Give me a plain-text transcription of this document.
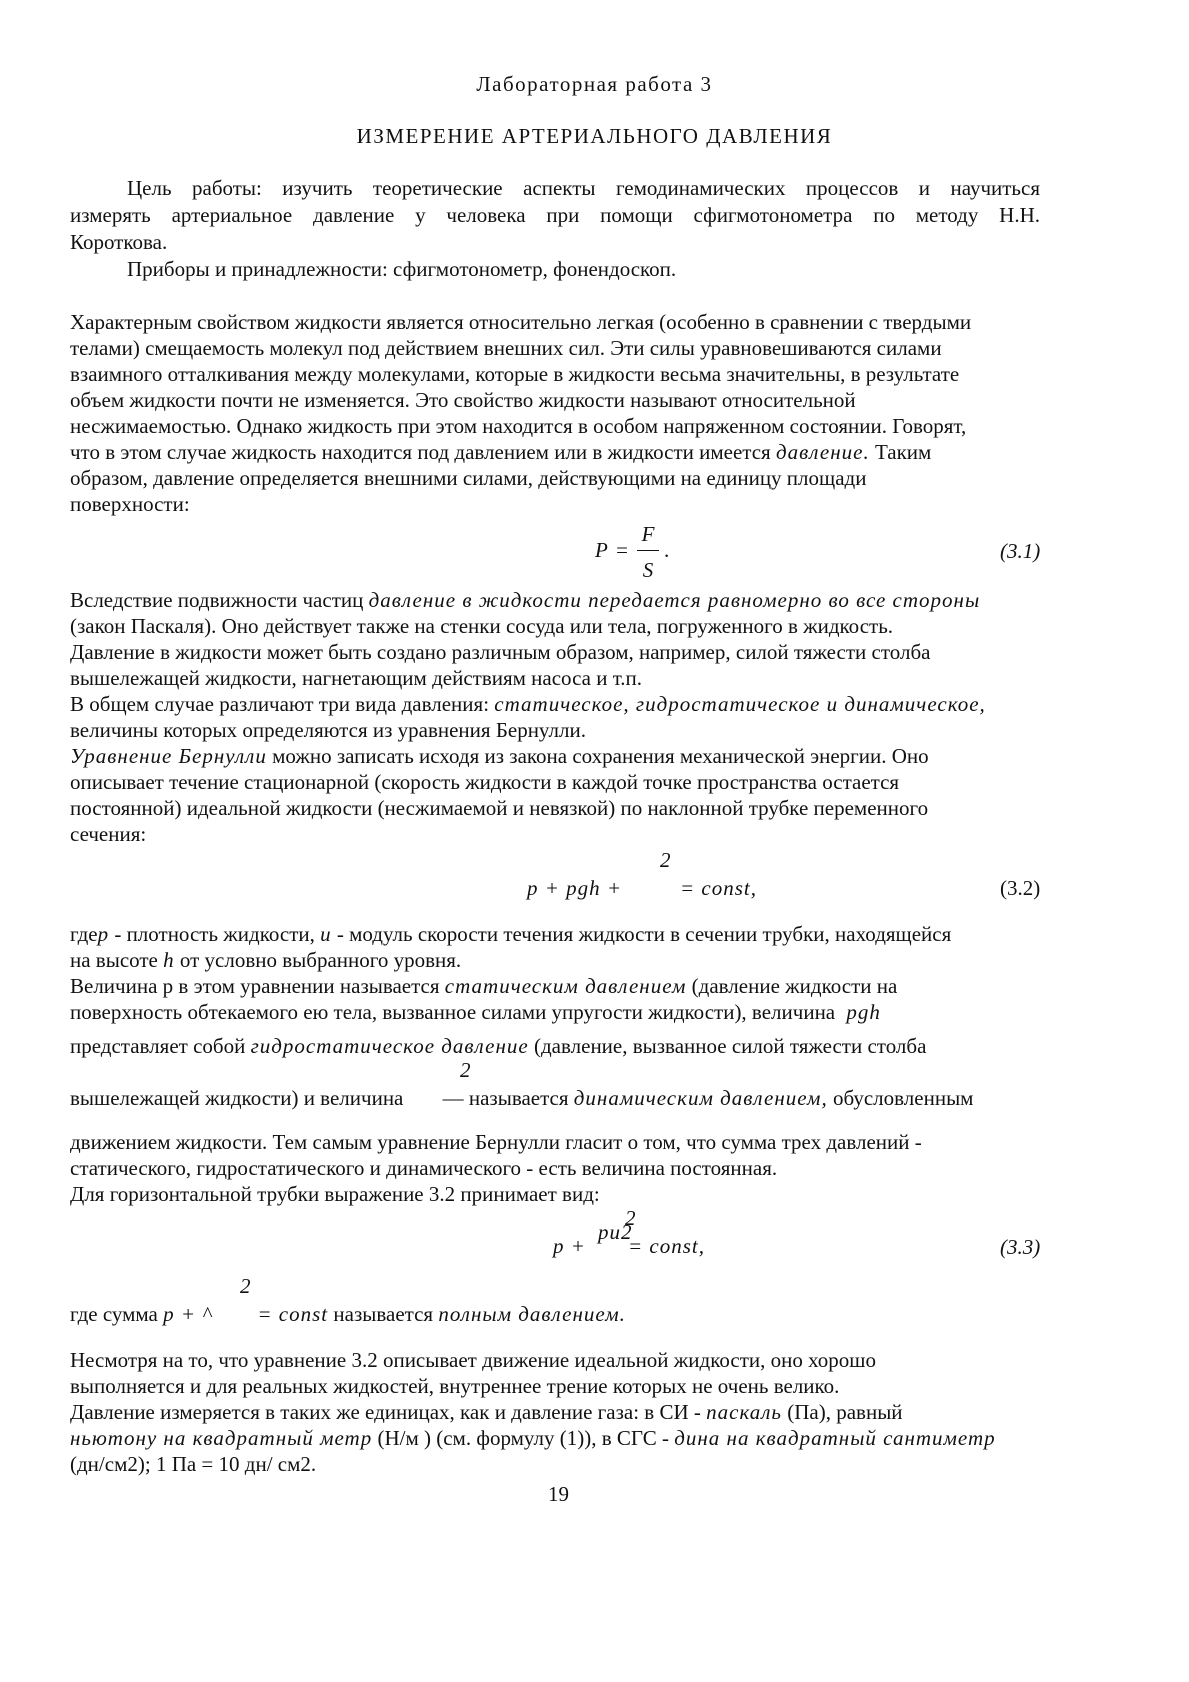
Лабораторная работа 3
ИЗМЕРЕНИЕ АРТЕРИАЛЬНОГО ДАВЛЕНИЯ
Цель работы: изучить теоретические аспекты гемодинамических процессов и научиться
измерять артериальное давление у человека при помощи сфигмотонометра по методу Н.Н.
Короткова.
Приборы и принадлежности: сфигмотонометр, фонендоскоп.
Характерным свойством жидкости является относительно легкая (особенно в сравнении с твердыми
телами) смещаемость молекул под действием внешних сил. Эти силы уравновешиваются силами
взаимного отталкивания между молекулами, которые в жидкости весьма значительны, в результате
объем жидкости почти не изменяется. Это свойство жидкости называют относительной
несжимаемостью. Однако жидкость при этом находится в особом напряженном состоянии. Говорят,
что в этом случае жидкость находится под давлением или в жидкости имеется давление. Таким
образом, давление определяется внешними силами, действующими на единицу площади
поверхности:
P =
F
S
.	(3.1)
Вследствие подвижности частиц давление в жидкости передается равномерно во все стороны
(закон Паскаля). Оно действует также на стенки сосуда или тела, погруженного в жидкость.
Давление в жидкости может быть создано различным образом, например, силой тяжести столба
вышележащей жидкости, нагнетающим действиям насоса и т.п.
В общем случае различают три вида давления: статическое, гидростатическое и динамическое,
величины которых определяются из уравнения Бернулли.
Уравнение Бернулли можно записать исходя из закона сохранения механической энергии. Оно
описывает течение стационарной (скорость жидкости в каждой точке пространства остается
постоянной) идеальной жидкости (несжимаемой и невязкой) по наклонной трубке переменного
сечения:
2
p + pgh +	= const,	(3.2)
гдеp - плотность жидкости, u - модуль скорости течения жидкости в сечении трубки, находящейся
на высоте h от условно выбранного уровня.
Величина р в этом уравнении называется статическим давлением (давление жидкости на
поверхность обтекаемого ею тела, вызванное силами упругости жидкости), величина pgh
представляет собой гидростатическое давление (давление, вызванное силой тяжести столба
2
вышележащей жидкости) и величина — называется динамическим давлением, обусловленным
движением жидкости. Тем самым уравнение Бернулли гласит о том, что сумма трех давлений -
статического, гидростатического и динамического - есть величина постоянная.
Для горизонтальной трубки выражение 3.2 принимает вид:
2
p +
pu2
= const,	(3.3)
2
где сумма p + ^ = const называется полным давлением.
Несмотря на то, что уравнение 3.2 описывает движение идеальной жидкости, оно хорошо
выполняется и для реальных жидкостей, внутреннее трение которых не очень велико.
Давление измеряется в таких же единицах, как и давление газа: в СИ - паскаль (Па), равный
ньютону на квадратный метр (Н/м ) (см. формулу (1)), в СГС - дина на квадратный сантиметр
(дн/см2); 1 Па = 10 дн/ см2.
19
